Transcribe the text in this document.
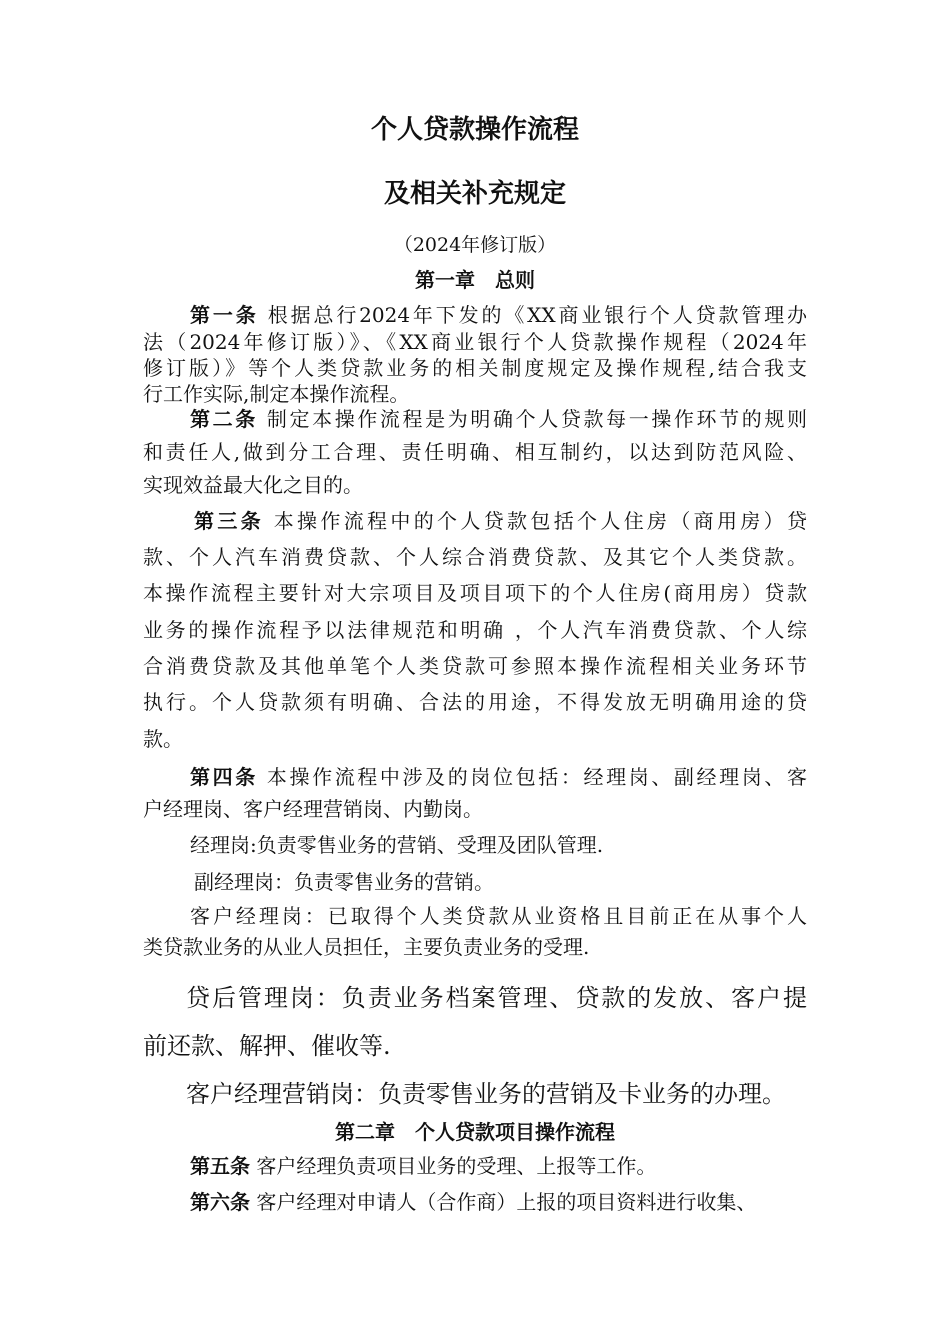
个人贷款操作流程
及相关补充规定

（2024年修订版）

第一章　总则

第一条 根据总行2024年下发的《XX商业银行个人贷款管理办

法（2024年修订版）》、《XX商业银行个人贷款操作规程（2024年

修订版）》等个人类贷款业务的相关制度规定及操作规程,结合我支

行工作实际,制定本操作流程。

第二条 制定本操作流程是为明确个人贷款每一操作环节的规则

和责任人,做到分工合理、责任明确、相互制约，以达到防范风险、

实现效益最大化之目的。

第三条 本操作流程中的个人贷款包括个人住房（商用房）贷

款、个人汽车消费贷款、个人综合消费贷款、及其它个人类贷款。

本操作流程主要针对大宗项目及项目项下的个人住房(商用房）贷款

业务的操作流程予以法律规范和明确 ，个人汽车消费贷款、个人综

合消费贷款及其他单笔个人类贷款可参照本操作流程相关业务环节

执行。个人贷款须有明确、合法的用途，不得发放无明确用途的贷

款。

第四条 本操作流程中涉及的岗位包括：经理岗、副经理岗、客

户经理岗、客户经理营销岗、内勤岗。

经理岗:负责零售业务的营销、受理及团队管理.

副经理岗：负责零售业务的营销。

客户经理岗：已取得个人类贷款从业资格且目前正在从事个人

类贷款业务的从业人员担任，主要负责业务的受理.

贷后管理岗：负责业务档案管理、贷款的发放、客户提

前还款、解押、催收等.

客户经理营销岗：负责零售业务的营销及卡业务的办理。

第二章　个人贷款项目操作流程

第五条 客户经理负责项目业务的受理、上报等工作。

第六条 客户经理对申请人（合作商）上报的项目资料进行收集、
